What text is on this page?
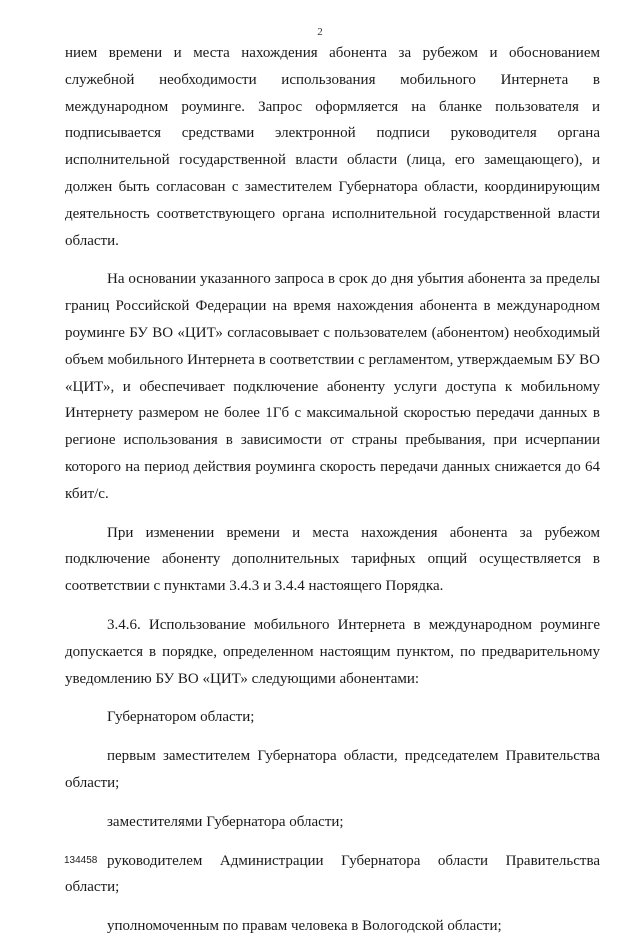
2

нием времени и места нахождения абонента за рубежом и обоснованием служебной необходимости использования мобильного Интернета в международном роуминге. Запрос оформляется на бланке пользователя и подписывается средствами электронной подписи руководителя органа исполнительной государственной власти области (лица, его замещающего), и должен быть согласован с заместителем Губернатора области, координирующим деятельность соответствующего органа исполнительной государственной власти области.

На основании указанного запроса в срок до дня убытия абонента за пределы границ Российской Федерации на время нахождения абонента в международном роуминге БУ ВО «ЦИТ» согласовывает с пользователем (абонентом) необходимый объем мобильного Интернета в соответствии с регламентом, утверждаемым БУ ВО «ЦИТ», и обеспечивает подключение абоненту услуги доступа к мобильному Интернету размером не более 1Гб с максимальной скоростью передачи данных в регионе использования в зависимости от страны пребывания, при исчерпании которого на период действия роуминга скорость передачи данных снижается до 64 кбит/с.

При изменении времени и места нахождения абонента за рубежом подключение абоненту дополнительных тарифных опций осуществляется в соответствии с пунктами 3.4.3 и 3.4.4 настоящего Порядка.

3.4.6. Использование мобильного Интернета в международном роуминге допускается в порядке, определенном настоящим пунктом, по предварительному уведомлению БУ ВО «ЦИТ» следующими абонентами:

Губернатором области;

первым заместителем Губернатора области, председателем Правительства области;

заместителями Губернатора области;

руководителем Администрации Губернатора области Правительства области;

уполномоченным по правам человека в Вологодской области;

134458
